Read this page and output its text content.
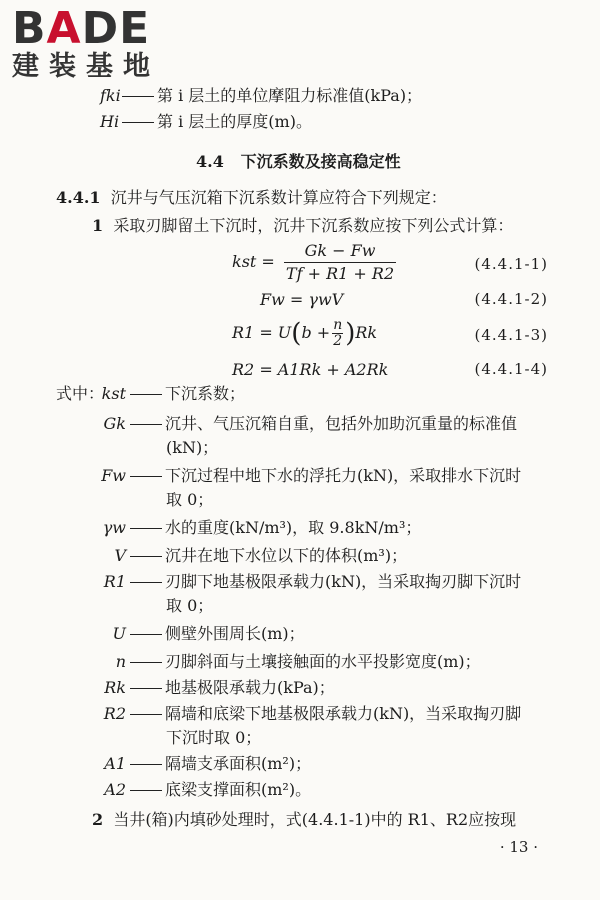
BADE
建装基地
fki 第 i 层土的单位摩阻力标准值(kPa)；
Hi 第 i 层土的厚度(m)。
4.4 下沉系数及接高稳定性
4.4.1 沉井与气压沉箱下沉系数计算应符合下列规定：
1 采取刃脚留土下沉时，沉井下沉系数应按下列公式计算：
kst = $\frac{Gk - Fw}{Tf + R1 + R2}$	(4.4.1-1)
Fw = γwV	(4.4.1-2)
$R1 = U(b + \frac{n}{2} )Rk$	(4.4.1-3)
R2 = A1Rk + A2Rk	(4.4.1-4)
式中：
kst 下沉系数；
Gk 沉井、气压沉箱自重，包括外加助沉重量的标准值
(kN)；
Fw 下沉过程中地下水的浮托力(kN)，采取排水下沉时
取 0；
γw 水的重度(kN/m³)，取 9.8kN/m³；
V 沉井在地下水位以下的体积(m³)；
R1 刃脚下地基极限承载力(kN)，当采取掏刃脚下沉时
取 0；
U 侧壁外围周长(m)；
n 刃脚斜面与土壤接触面的水平投影宽度(m)；
Rk 地基极限承载力(kPa)；
R2 隔墙和底梁下地基极限承载力(kN)，当采取掏刃脚
下沉时取 0；
A1 隔墙支承面积(m²)；
A2 底梁支撑面积(m²)。
2 当井(箱)内填砂处理时，式(4.4.1-1)中的 R1、R2应按现
· 13 ·
